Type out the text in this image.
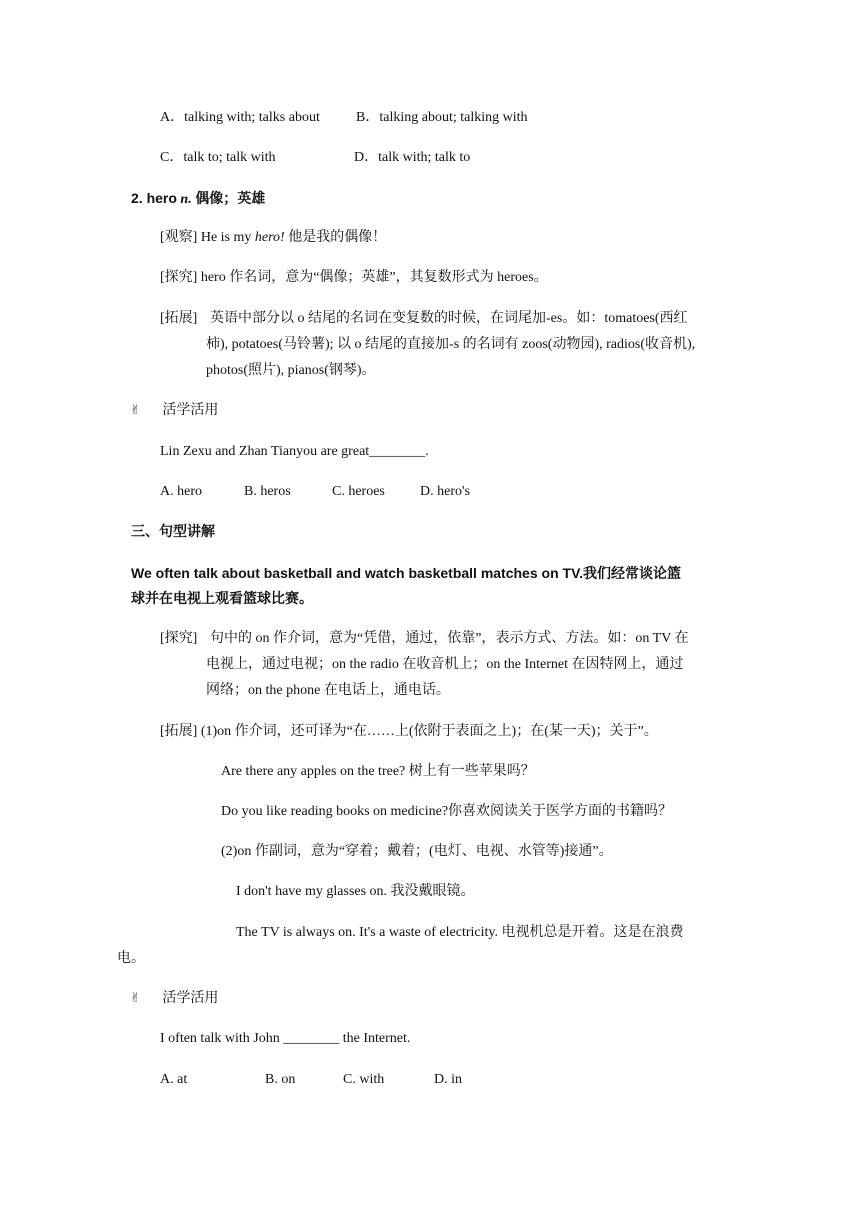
A．talking with; talks about	B．talking about; talking with
C．talk to; talk with	D．talk with; talk to
2. hero n. 偶像；英雄
[观察] He is my hero! 他是我的偶像！
[探究] hero 作名词，意为“偶像；英雄”，其复数形式为 heroes。
[拓展] 英语中部分以 o 结尾的名词在变复数的时候，在词尾加-es。如：tomatoes(西红
柿), potatoes(马铃薯); 以 o 结尾的直接加-s 的名词有 zoos(动物园), radios(收音机),
photos(照片), pianos(钢琴)。
✌ 活学活用
Lin Zexu and Zhan Tianyou are great________.
A. hero	B. heros	C. heroes	D. hero's
三、句型讲解
We often talk about basketball and watch basketball matches on TV.我们经常谈论篮
球并在电视上观看篮球比赛。
[探究] 句中的 on 作介词，意为“凭借，通过，依靠”，表示方式、方法。如：on TV 在
电视上，通过电视；on the radio 在收音机上；on the Internet 在因特网上，通过
网络；on the phone 在电话上，通电话。
[拓展] (1)on 作介词，还可译为“在……上(依附于表面之上)；在(某一天)；关于”。
Are there any apples on the tree? 树上有一些苹果吗？
Do you like reading books on medicine?你喜欢阅读关于医学方面的书籍吗？
(2)on 作副词，意为“穿着；戴着；(电灯、电视、水管等)接通”。
I don't have my glasses on. 我没戴眼镜。
The TV is always on. It's a waste of electricity. 电视机总是开着。这是在浪费
电。
✌ 活学活用
I often talk with John ________ the Internet.
A. at	B. on	C. with	D. in
